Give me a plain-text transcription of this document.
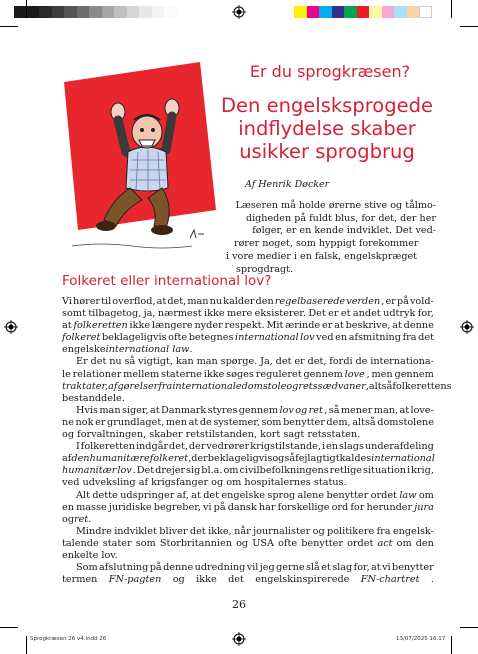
Er du sprogkræsen?
Den engelsksprogede
indflydelse skaber
usikker sprogbrug
Af Henrik Døcker
Læseren må holde ørerne stive og tålmo-
digheden på fuldt blus, for det, der her
følger, er en kende indviklet. Det ved-
rører noget, som hyppigt forekommer
i vore medier i en falsk, engelskpræget
sprogdragt.
Folkeret eller international lov?
Vi hører til overflod, at det, man nu kalder den regelbaserede verden , er på vold-
somt tilbagetog, ja, nærmest ikke mere eksisterer. Det er et andet udtryk for,
at folkeretten ikke længere nyder respekt. Mit ærinde er at beskrive, at denne
folkeret beklageligvis ofte betegnes international lov ved en afsmitning fra det
engelske international law .
Er det nu så vigtigt, kan man spørge. Ja, det er det, fordi de internationa-
le relationer mellem staterne ikke søges reguleret gennem love , men gennem
traktater, afgørelser fra internationale domstole og retssædvaner , altså folkerettens
bestanddele.
Hvis man siger, at Danmark styres gennem lov og ret , så mener man, at love-
ne nok er grundlaget, men at de systemer, som benytter dem, altså domstolene
og forvaltningen, skaber retstilstanden, kort sagt retsstaten.
I folkeretten indgår det, der vedrører krigstilstande, i en slags underafdeling
af den humanitære folkeret , der beklageligvis også fejlagtigt kaldes international
humanitær lov . Det drejer sig bl.a. om civilbefolkningens retlige situation i krig,
ved udveksling af krigsfanger og om hospitalernes status.
Alt dette udspringer af, at det engelske sprog alene benytter ordet law om
en masse juridiske begreber, vi på dansk har forskellige ord for herunder jura
og ret .
Mindre indviklet bliver det ikke, når journalister og politikere fra engelsk-
talende stater som Storbritannien og USA ofte benytter ordet act om den
enkelte lov.
Som afslutning på denne udredning vil jeg gerne slå et slag for, at vi benytter
termen FN-pagten og ikke det engelskinspirerede FN-chartret .
26
Sprogkræsen 26 v4.indd 26	13/07/2025 16.17
